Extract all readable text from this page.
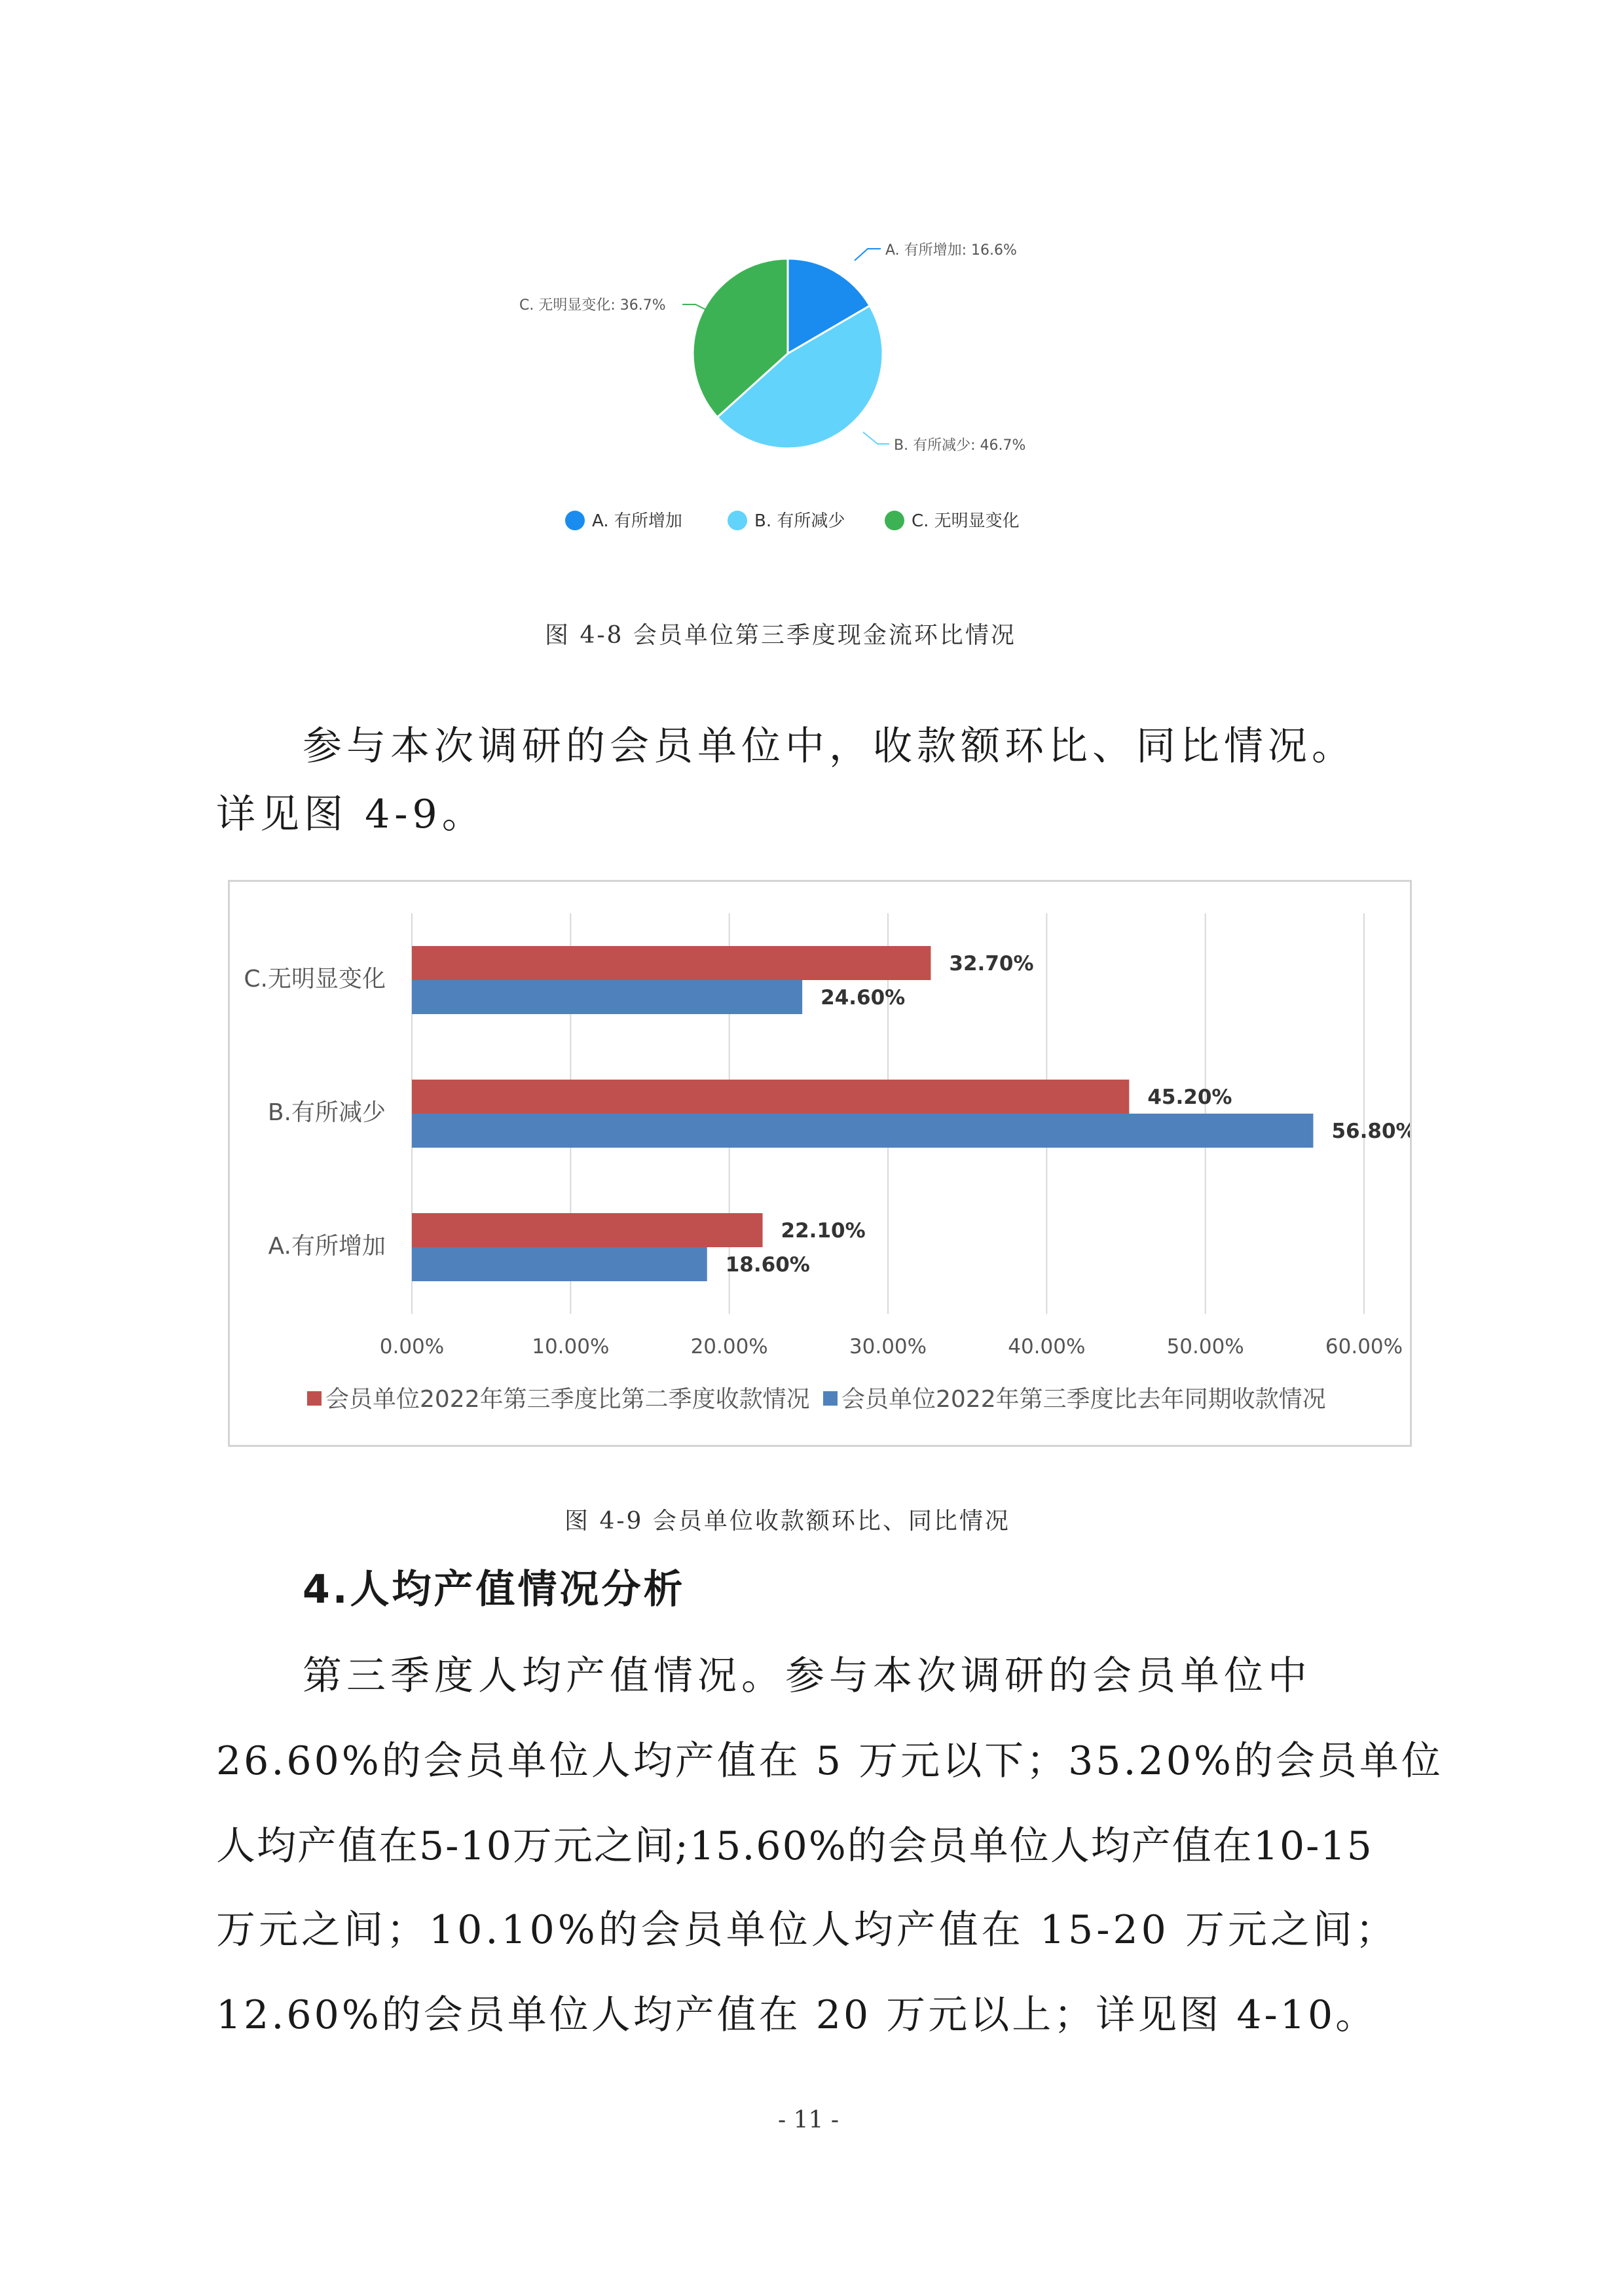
A. 有所增加: 16.6%
B. 有所减少: 46.7%
C. 无明显变化: 36.7%
A. 有所增加	B. 有所减少	C. 无明显变化
图 4-8 会员单位第三季度现金流环比情况
参与本次调研的会员单位中，收款额环比、同比情况。
详见图 4-9。
32.70%
24.60%
45.20%
56.80%
22.10%
18.60%
0.00%	10.00%	20.00%	30.00%	40.00%	50.00%	60.00%
C.无明显变化
B.有所减少
A.有所增加
会员单位2022年第三季度比第二季度收款情况 会员单位2022年第三季度比去年同期收款情况
图 4-9 会员单位收款额环比、同比情况
4.人均产值情况分析
第三季度人均产值情况。参与本次调研的会员单位中
26.60%的会员单位人均产值在 5 万元以下；35.20%的会员单位
人均产值在5-10万元之间;15.60%的会员单位人均产值在10-15
万元之间；10.10%的会员单位人均产值在 15-20 万元之间；
12.60%的会员单位人均产值在 20 万元以上；详见图 4-10。
- 11 -
